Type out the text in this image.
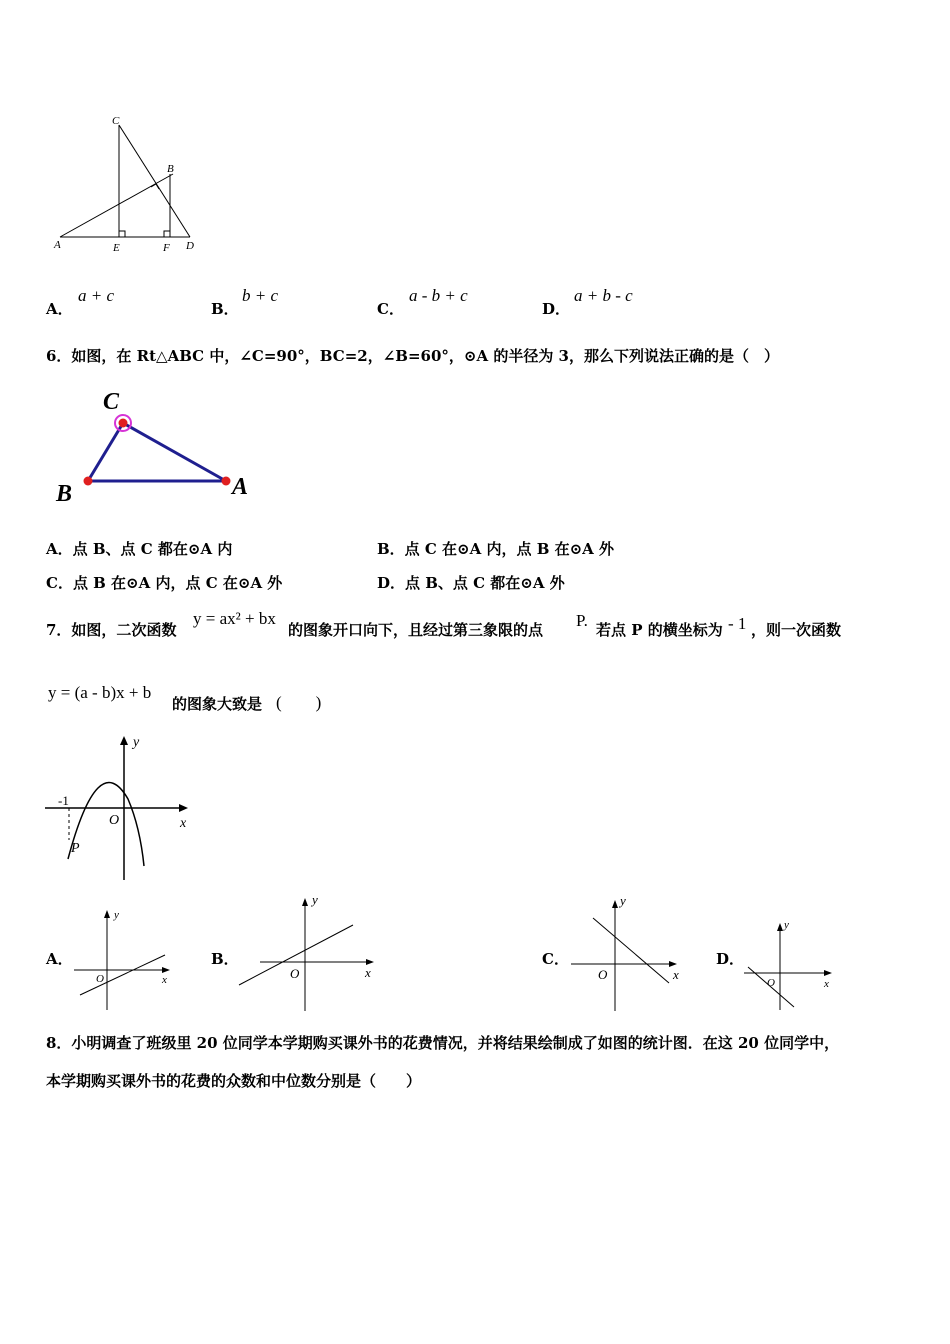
C
B
A	E	F D
A．
a + c
B．
b + c
C．
a - b + c
D．
a + b - c
6．如图，在 Rt△ABC 中，∠C=90°，BC=2，∠B=60°，⊙A 的半径为 3，那么下列说法正确的是（　）
C
B	A
A．点 B、点 C 都在⊙A 内	B．点 C 在⊙A 内，点 B 在⊙A 外
C．点 B 在⊙A 内，点 C 在⊙A 外	D．点 B、点 C 都在⊙A 外
7．如图，二次函数
y = ax² + bx
的图象开口向下，且经过第三象限的点 P. 若点 P 的横坐标为 - 1 ，则一次函数
y = (a - b)x + b
的图象大致是 (　　)
y
x
O
P
-1
A．	B．	C．	D．
y
x
O
y
x
O
y
x
O
y
x
O
8．小明调查了班级里 20 位同学本学期购买课外书的花费情况，并将结果绘制成了如图的统计图．在这 20 位同学中，
本学期购买课外书的花费的众数和中位数分别是（　　）
